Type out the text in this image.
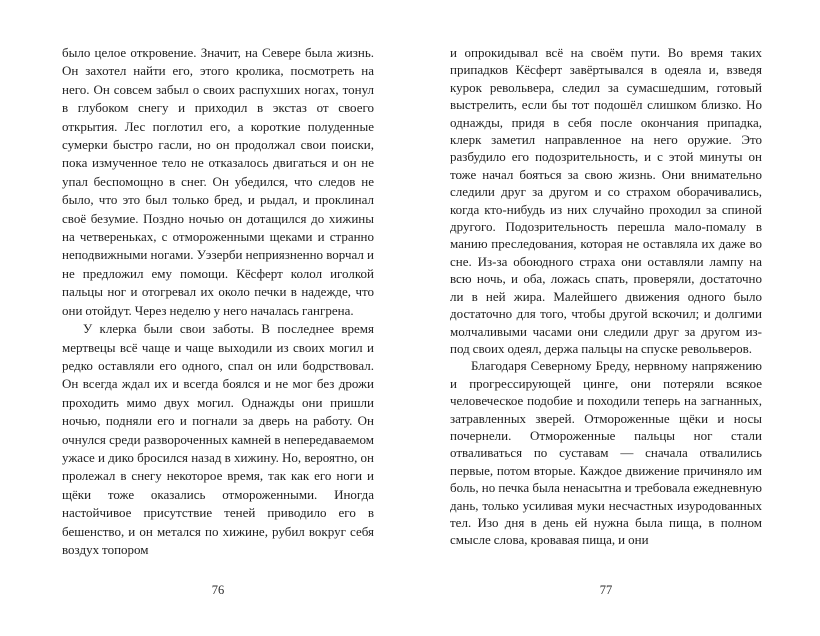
было целое откровение. Значит, на Севере была жизнь. Он захотел найти его, этого кролика, посмотреть на него. Он совсем забыл о своих распухших ногах, тонул в глубоком снегу и приходил в экстаз от своего открытия. Лес поглотил его, а короткие полуденные сумерки быстро гасли, но он продолжал свои поиски, пока измученное тело не отказалось двигаться и он не упал беспомощно в снег. Он убедился, что следов не было, что это был только бред, и рыдал, и проклинал своё безумие. Поздно ночью он дотащился до хижины на четвереньках, с отмороженными щеками и странно неподвижными ногами. Уэзерби неприязненно ворчал и не предложил ему помощи. Кёсферт колол иголкой пальцы ног и отогревал их около печки в надежде, что они отойдут. Через неделю у него началась гангрена.

У клерка были свои заботы. В последнее время мертвецы всё чаще и чаще выходили из своих могил и редко оставляли его одного, спал он или бодрствовал. Он всегда ждал их и всегда боялся и не мог без дрожи проходить мимо двух могил. Однажды они пришли ночью, подняли его и погнали за дверь на работу. Он очнулся среди развороченных камней в непередаваемом ужасе и дико бросился назад в хижину. Но, вероятно, он пролежал в снегу некоторое время, так как его ноги и щёки тоже оказались отмороженными. Иногда настойчивое присутствие теней приводило его в бешенство, и он метался по хижине, рубил вокруг себя воздух топором

76

и опрокидывал всё на своём пути. Во время таких припадков Кёсферт завёртывался в одеяла и, взведя курок револьвера, следил за сумасшедшим, готовый выстрелить, если бы тот подошёл слишком близко. Но однажды, придя в себя после окончания припадка, клерк заметил направленное на него оружие. Это разбудило его подозрительность, и с этой минуты он тоже начал бояться за свою жизнь. Они внимательно следили друг за другом и со страхом оборачивались, когда кто-нибудь из них случайно проходил за спиной другого. Подозрительность перешла мало-помалу в манию преследования, которая не оставляла их даже во сне. Из-за обоюдного страха они оставляли лампу на всю ночь, и оба, ложась спать, проверяли, достаточно ли в ней жира. Малейшего движения одного было достаточно для того, чтобы другой вскочил; и долгими молчаливыми часами они следили друг за другом из-под своих одеял, держа пальцы на спуске револьверов.

Благодаря Северному Бреду, нервному напряжению и прогрессирующей цинге, они потеряли всякое человеческое подобие и походили теперь на загнанных, затравленных зверей. Отмороженные щёки и носы почернели. Отмороженные пальцы ног стали отваливаться по суставам — сначала отвалились первые, потом вторые. Каждое движение причиняло им боль, но печка была ненасытна и требовала ежедневную дань, только усиливая муки несчастных изуродованных тел. Изо дня в день ей нужна была пища, в полном смысле слова, кровавая пища, и они

77
